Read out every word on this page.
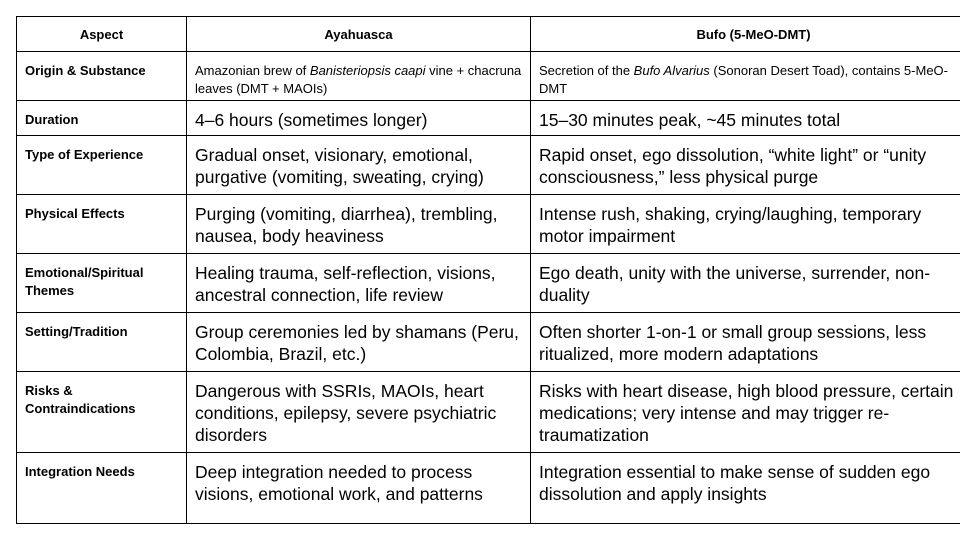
Aspect	Ayahuasca	Bufo (5-MeO-DMT)
Origin & Substance	Amazonian brew of Banisteriopsis caapi vine + chacruna leaves (DMT + MAOIs)	Secretion of the Bufo Alvarius (Sonoran Desert Toad), contains 5-MeO-DMT
Duration	4–6 hours (sometimes longer)	15–30 minutes peak, ~45 minutes total
Type of Experience	Gradual onset, visionary, emotional, purgative (vomiting, sweating, crying)	Rapid onset, ego dissolution, “white light” or “unity consciousness,” less physical purge
Physical Effects	Purging (vomiting, diarrhea), trembling, nausea, body heaviness	Intense rush, shaking, crying/laughing, temporary motor impairment
Emotional/Spiritual Themes	Healing trauma, self-reflection, visions, ancestral connection, life review	Ego death, unity with the universe, surrender, non-duality
Setting/Tradition	Group ceremonies led by shamans (Peru, Colombia, Brazil, etc.)	Often shorter 1-on-1 or small group sessions, less ritualized, more modern adaptations
Risks & Contraindications	Dangerous with SSRIs, MAOIs, heart conditions, epilepsy, severe psychiatric disorders	Risks with heart disease, high blood pressure, certain medications; very intense and may trigger re-traumatization
Integration Needs	Deep integration needed to process visions, emotional work, and patterns	Integration essential to make sense of sudden ego dissolution and apply insights
